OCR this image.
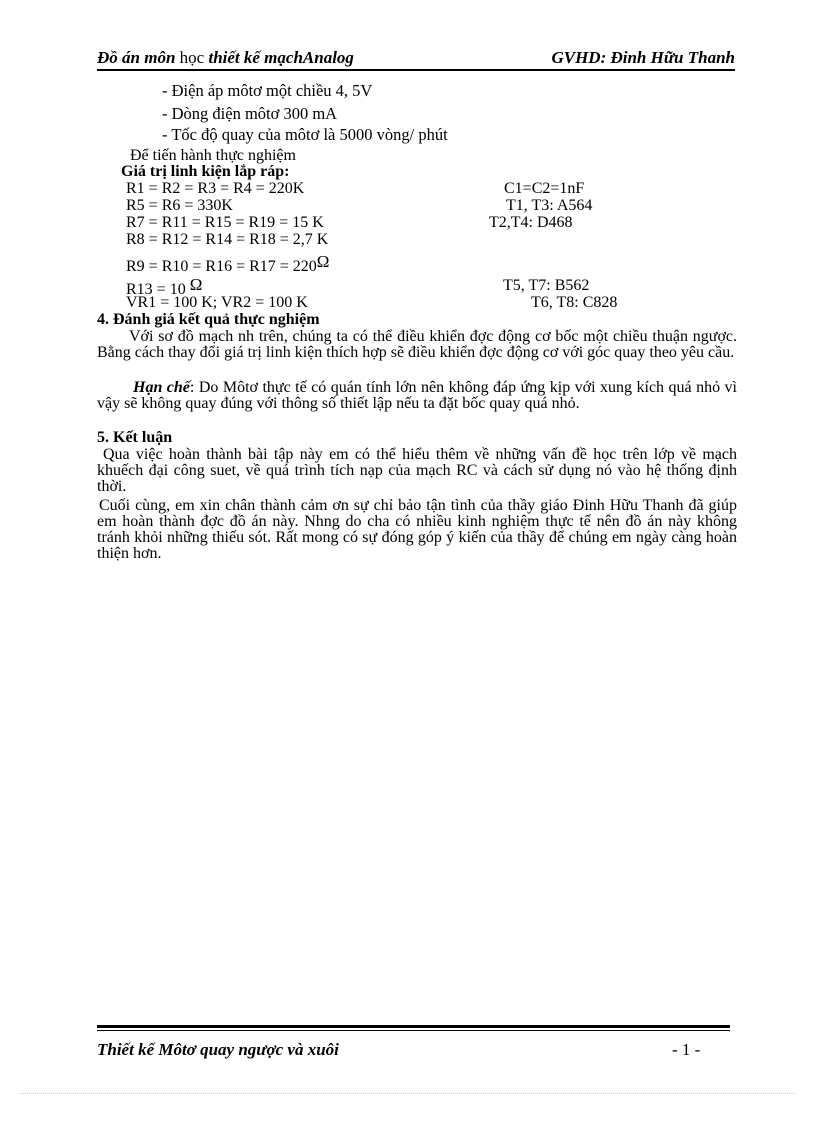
Đồ án môn học thiết kế mạchAnalog	GVHD: Đinh Hữu Thanh
- Điện áp môtơ một chiều 4, 5V
- Dòng điện môtơ 300 mA
- Tốc độ quay của môtơ là 5000 vòng/ phút
Để tiến hành thực nghiệm
Giá trị linh kiện lắp ráp:
R1 = R2 = R3 = R4 = 220K	C1=C2=1nF
R5 = R6 = 330K	T1, T3: A564
R7 = R11 = R15 = R19 = 15 K	T2,T4: D468
R8 = R12 = R14 = R18 = 2,7 K
R9 = R10 = R16 = R17 = 220Ω
R13 = 10 Ω	T5, T7: B562
VR1 = 100 K; VR2 = 100 K	T6, T8: C828
4. Đánh giá kết quả thực nghiệm
Với sơ đồ mạch nh trên, chúng ta có thể điều khiển đợc động cơ bốc một chiều thuận ngược. Bằng cách thay đổi giá trị linh kiện thích hợp sẽ điều khiển đợc động cơ với góc quay theo yêu cầu.
Hạn chế: Do Môtơ thực tế có quán tính lớn nên không đáp ứng kịp với xung kích quá nhỏ vì vậy sẽ không quay đúng với thông số thiết lập nếu ta đặt bốc quay quá nhỏ.
5. Kết luận
Qua việc hoàn thành bài tập này em có thể hiểu thêm về những vấn đề học trên lớp về mạch khuếch đại công suet, về quá trình tích nạp của mạch RC và cách sử dụng nó vào hệ thống định thời.
Cuối cùng, em xin chân thành cảm ơn sự chỉ bảo tận tình của thầy giáo Đinh Hữu Thanh đã giúp em hoàn thành đợc đồ án này. Nhng do cha có nhiều kinh nghiệm thực tế nên đồ án này không tránh khỏi những thiếu sót. Rất mong có sự đóng góp ý kiến của thầy để chúng em ngày càng hoàn thiện hơn.
Thiết kế Môtơ quay ngược và xuôi	- 1 -
